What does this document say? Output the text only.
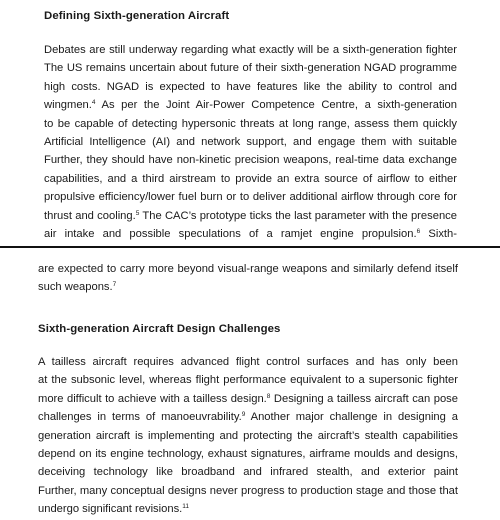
Defining Sixth-generation Aircraft
Debates are still underway regarding what exactly will be a sixth-generation fighter
The US remains uncertain about future of their sixth-generation NGAD programme
high costs. NGAD is expected to have features like the ability to control and
wingmen.$^4$ As per the Joint Air-Power Competence Centre, a sixth-generation
to be capable of detecting hypersonic threats at long range, assess them quickly
Artificial Intelligence (AI) and network support, and engage them with suitable
Further, they should have non-kinetic precision weapons, real-time data exchange
capabilities, and a third airstream to provide an extra source of airflow to either
propulsive efficiency/lower fuel burn or to deliver additional airflow through core for
thrust and cooling.$^5$ The CAC’s prototype ticks the last parameter with the presence
air intake and possible speculations of a ramjet engine propulsion.$^6$ Sixth-
are expected to carry more beyond visual-range weapons and similarly defend itself
such weapons.$^7$
Sixth-generation Aircraft Design Challenges
A tailless aircraft requires advanced flight control surfaces and has only been
at the subsonic level, whereas flight performance equivalent to a supersonic fighter
more difficult to achieve with a tailless design.$^8$ Designing a tailless aircraft can pose
challenges in terms of manoeuvrability.$^9$ Another major challenge in designing a
generation aircraft is implementing and protecting the aircraft’s stealth capabilities
depend on its engine technology, exhaust signatures, airframe moulds and designs,
deceiving technology like broadband and infrared stealth, and exterior paint
Further, many conceptual designs never progress to production stage and those that
undergo significant revisions.$^{11}$
